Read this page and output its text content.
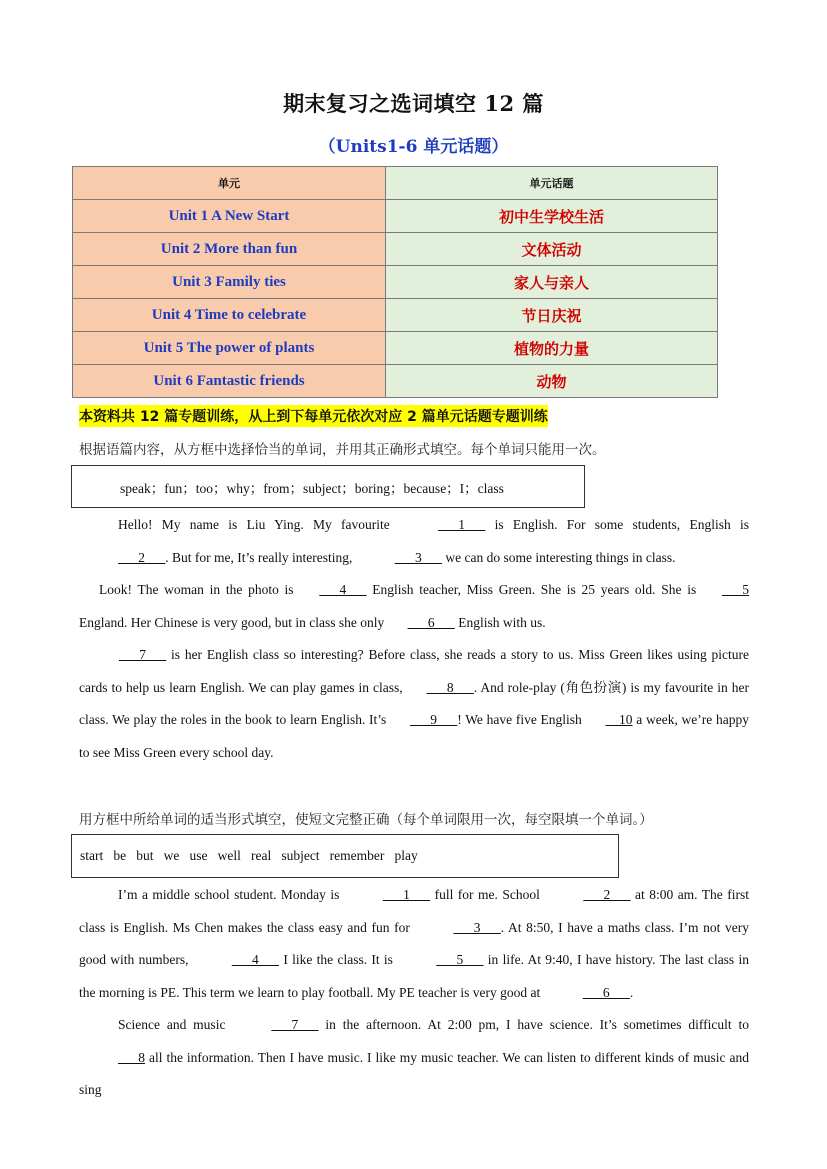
期末复习之选词填空 12 篇
（Units1-6 单元话题）
单元	单元话题
Unit 1 A New Start	初中生学校生活
Unit 2 More than fun	文体活动
Unit 3 Family ties	家人与亲人
Unit 4 Time to celebrate	节日庆祝
Unit 5 The power of plants	植物的力量
Unit 6 Fantastic friends	动物
本资料共 12 篇专题训练，从上到下每单元依次对应 2 篇单元话题专题训练
根据语篇内容，从方框中选择恰当的单词，并用其正确形式填空。每个单词只能用一次。
speak；fun；too；why；from；subject；boring；because；I；class

Hello! My name is Liu Ying. My favourite	1       is English. For some students, English is       2      . But for me, It’s really interesting,	3       we can do some interesting things in class.

Look! The woman in the photo is       4       English teacher, Miss Green. She is 25 years old. She is       5 England. Her Chinese is very good, but in class she only       6       English with us.

7       is her English class so interesting? Before class, she reads a story to us. Miss Green likes using picture cards to help us learn English. We can play games in class,       8      . And role-play (角色扮演) is my favourite in her class. We play the roles in the book to learn English. It’s       9      ! We have five English     10 a week, we’re happy to see Miss Green every school day.

用方框中所给单词的适当形式填空，使短文完整正确（每个单词限用一次，每空限填一个单词。）
start   be   but   we   use   well   real   subject   remember   play

I’m a middle school student. Monday is	1       full for me. School	2       at 8:00 am. The first class is English. Ms Chen makes the class easy and fun for	3      . At 8:50, I have a maths class. I’m not very good with numbers,	4       I like the class. It is	5       in life. At 9:40, I have history. The last class in the morning is PE. This term we learn to play football. My PE teacher is very good at	6      .

Science and music	7       in the afternoon. At 2:00 pm, I have science. It’s sometimes difficult to       8 all the information. Then I have music. I like my music teacher. We can listen to different kinds of music and sing
